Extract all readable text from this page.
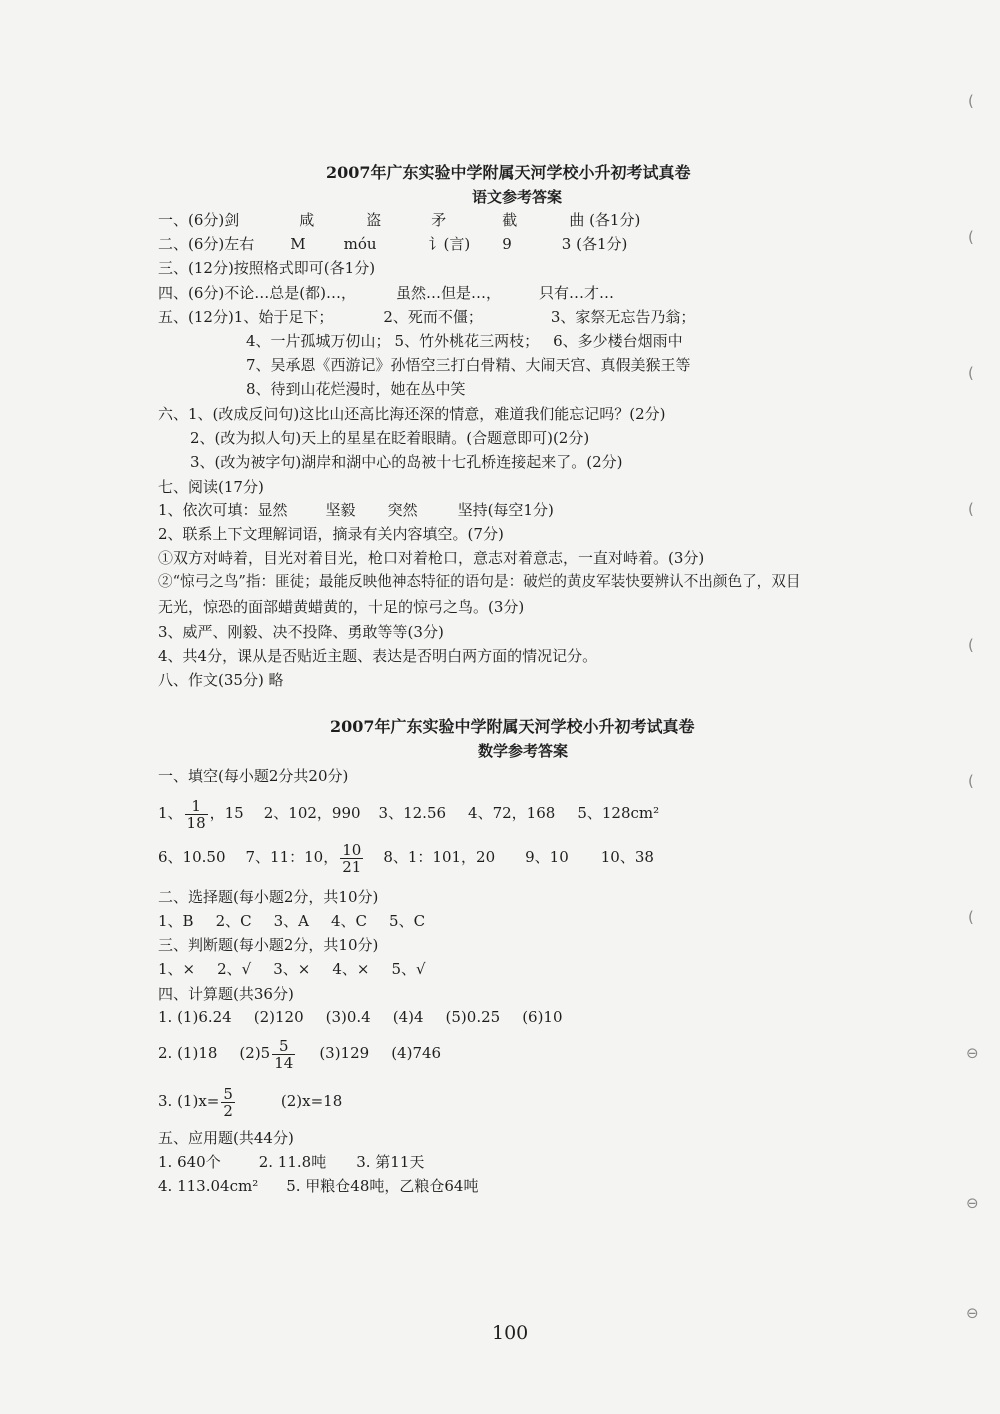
(
(
(
(
(
(
(
⊖
⊖
⊖
2007年广东实验中学附属天河学校小升初考试真卷
语文参考答案
一、(6分)剑	咸	盗	矛	截	曲 (各1分)
二、(6分)左右 M	móu	讠(言) 9	3 (各1分)
三、(12分)按照格式即可(各1分)
四、(6分)不论…总是(都)…，	虽然…但是…，	只有…才…
五、(12分)1、始于足下；	2、死而不僵；	3、家祭无忘告乃翁；
4、一片孤城万仞山； 5、竹外桃花三两枝； 6、多少楼台烟雨中
7、吴承恩《西游记》孙悟空三打白骨精、大闹天宫、真假美猴王等
8、待到山花烂漫时，她在丛中笑
六、1、(改成反问句)这比山还高比海还深的情意，难道我们能忘记吗？(2分)
2、(改为拟人句)天上的星星在眨着眼睛。(合题意即可)(2分)
3、(改为被字句)湖岸和湖中心的岛被十七孔桥连接起来了。(2分)
七、阅读(17分)
1、依次可填：显然	坚毅 突然	坚持(每空1分)
2、联系上下文理解词语，摘录有关内容填空。(7分)
①双方对峙着，目光对着目光，枪口对着枪口，意志对着意志，一直对峙着。(3分)
②“惊弓之鸟”指：匪徒；最能反映他神态特征的语句是：破烂的黄皮军装快要辨认不出颜色了，双目
无光，惊恐的面部蜡黄蜡黄的，十足的惊弓之鸟。(3分)
3、威严、刚毅、决不投降、勇敢等等(3分)
4、共4分，课从是否贴近主题、表达是否明白两方面的情况记分。
八、作文(35分) 略
2007年广东实验中学附属天河学校小升初考试真卷
数学参考答案
一、填空(每小题2分共20分)
1、 $\frac{1}{18}$ ，15 2、102，990 3、12.56 4、72，168 5、128cm²
6、10.50 7、11：10， $\frac{10}{21} 8$、1：101，20 9、10 10、38
二、选择题(每小题2分，共10分)
1、B 2、C 3、A 4、C 5、C
三、判断题(每小题2分，共10分)
1、× 2、√ 3、× 4、× 5、√
四、计算题(共36分)
1. (1)6.24 (2)120 (3)0.4 (4)4 (5)0.25 (6)10
2. (1)18 $(2)5 \frac{5}{14} (3)129$ (4)746
3. $(1)x= \frac{5}{2}$	(2)x=18
五、应用题(共44分)
1. 640个	2. 11.8吨 3. 第11天
4. 113.04cm² 5. 甲粮仓48吨，乙粮仓64吨
100
